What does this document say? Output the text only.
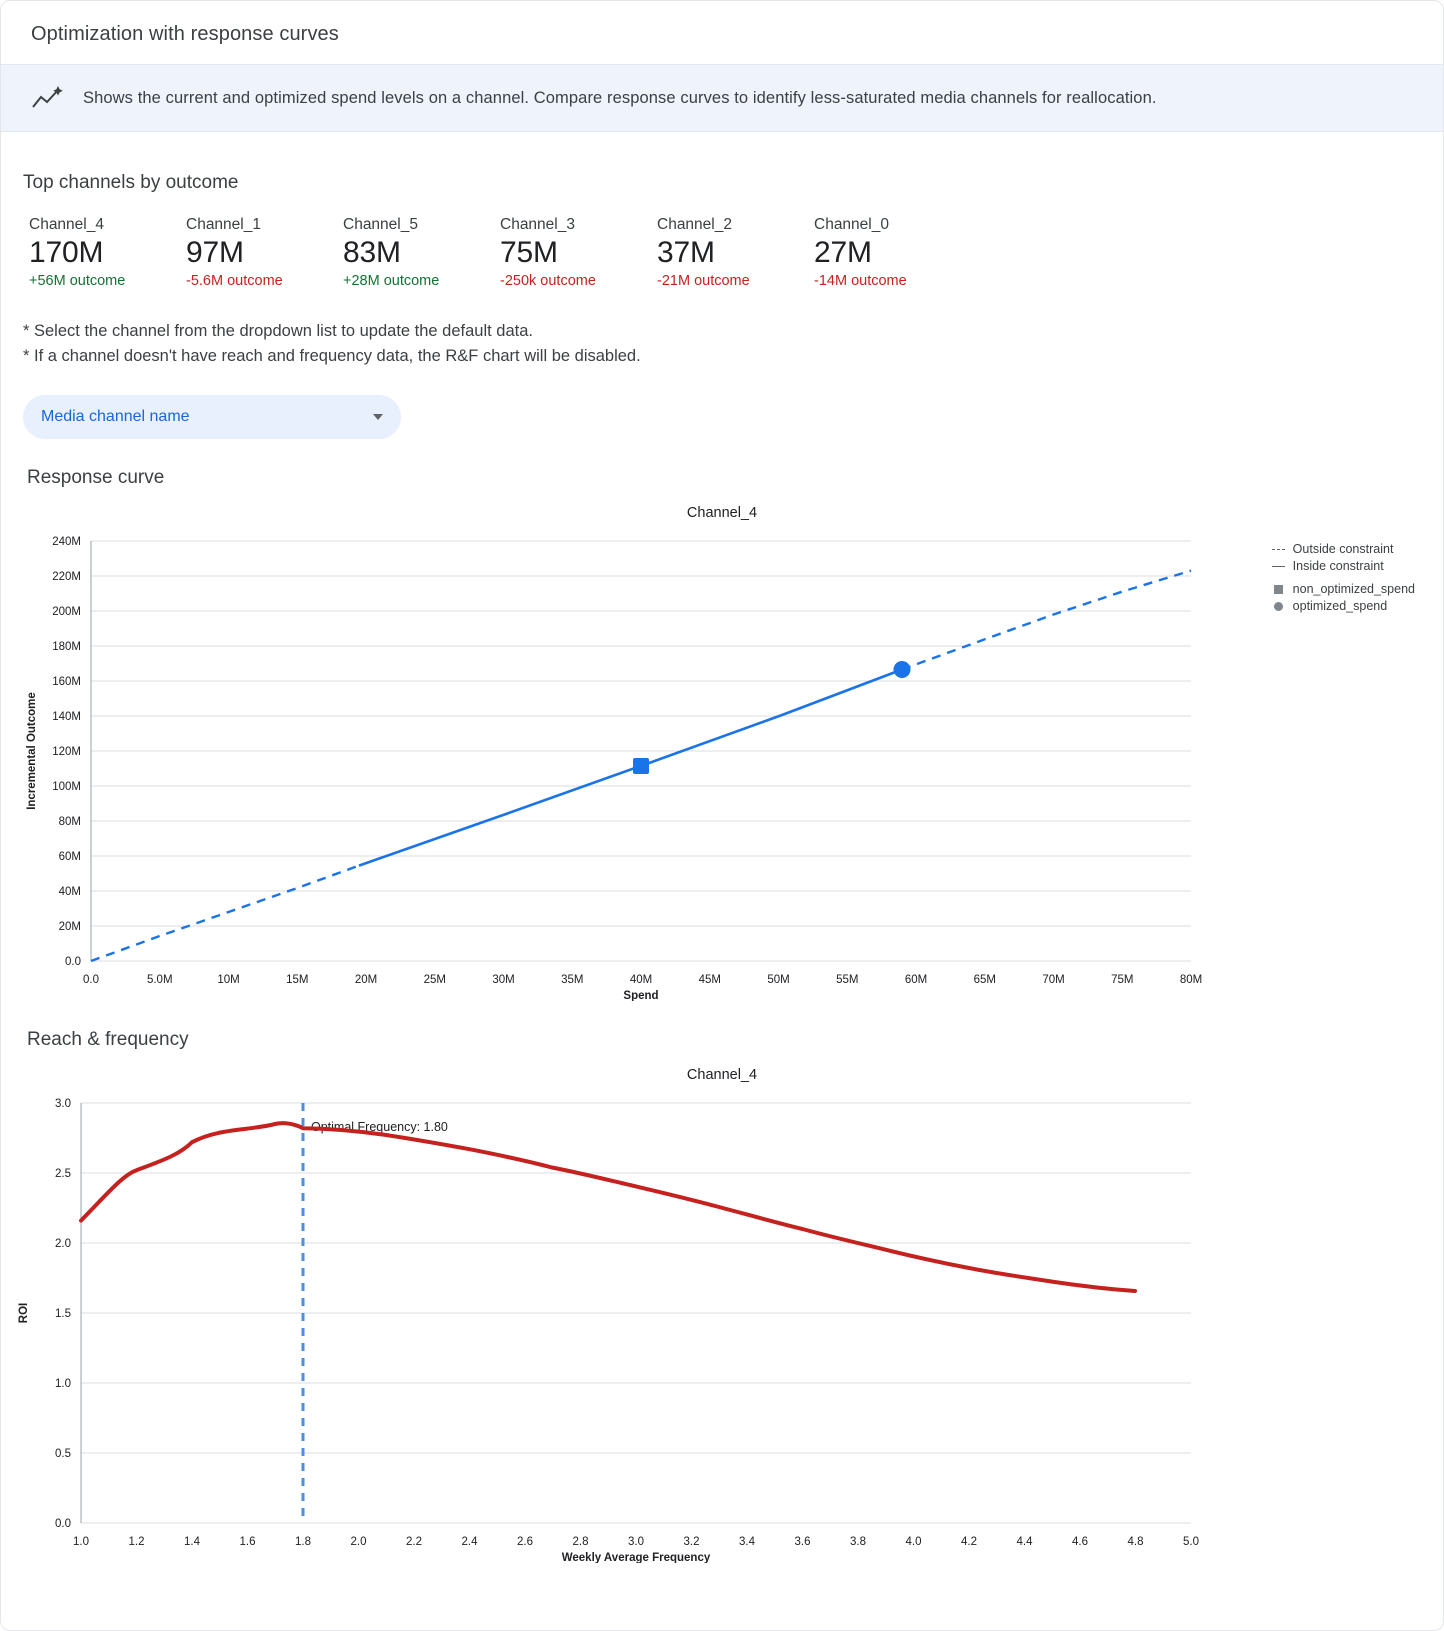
Optimization with response curves
Shows the current and optimized spend levels on a channel. Compare response curves to identify less-saturated media channels for reallocation.
Top channels by outcome
Channel_4
170M
+56M outcome
Channel_1
97M
-5.6M outcome
Channel_5
83M
+28M outcome
Channel_3
75M
-250k outcome
Channel_2
37M
-21M outcome
Channel_0
27M
-14M outcome
* Select the channel from the dropdown list to update the default data.
* If a channel doesn't have reach and frequency data, the R&F chart will be disabled.
Media channel name
Response curve
Channel_4
Outside constraint
Inside constraint
non_optimized_spend
optimized_spend
0.0
20M
40M
60M
80M
100M
120M
140M
160M
180M
200M
220M
240M
0.0	5.0M	10M	15M	20M	25M	30M	35M	40M	45M	50M	55M	60M	65M	70M	75M	80M
Spend
Incremental Outcome
Reach & frequency
Channel_4
0.0
0.5
1.0
1.5
2.0
2.5
3.0
1.0	1.2	1.4	1.6	1.8	2.0	2.2	2.4	2.6	2.8	3.0	3.2	3.4	3.6	3.8	4.0	4.2	4.4	4.6	4.8	5.0
Weekly Average Frequency
ROI
Optimal Frequency: 1.80
